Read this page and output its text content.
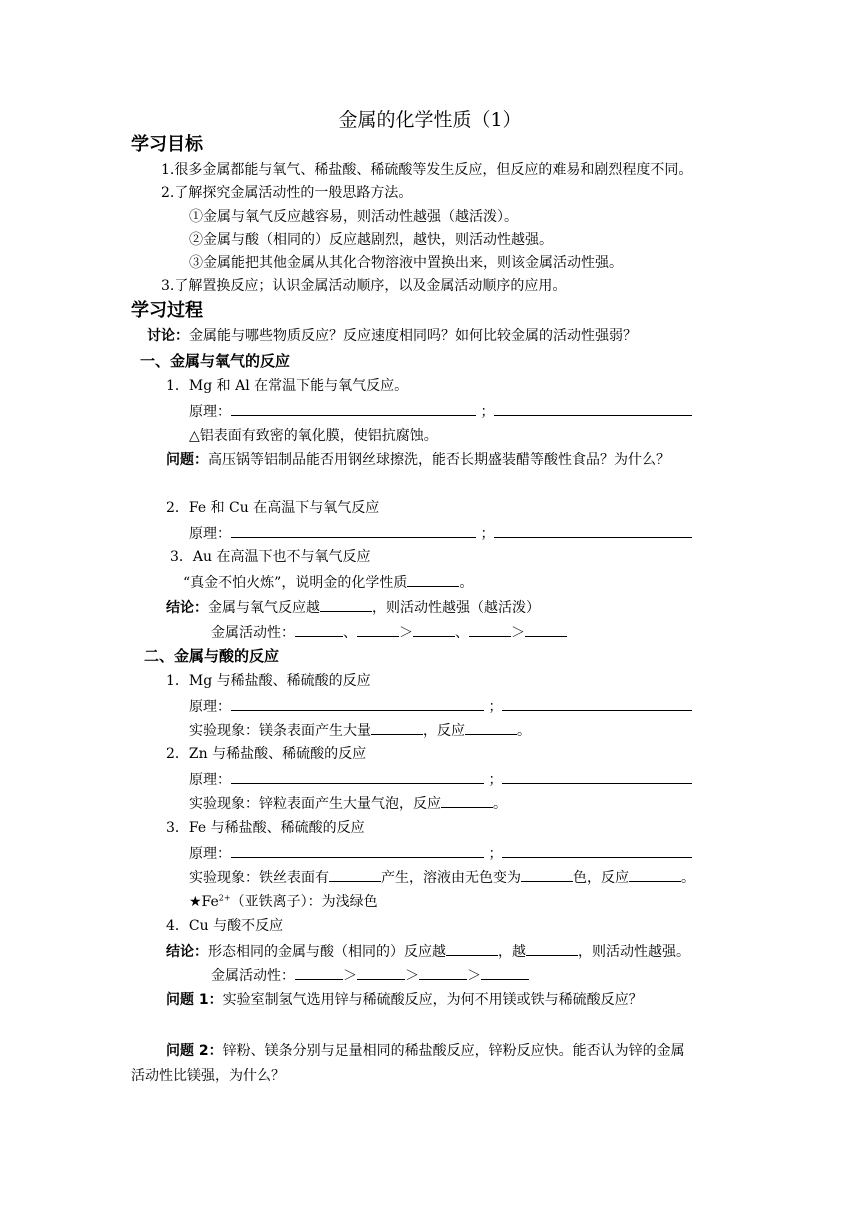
金属的化学性质（1）
学习目标
1.很多金属都能与氧气、稀盐酸、稀硫酸等发生反应，但反应的难易和剧烈程度不同。
2.了解探究金属活动性的一般思路方法。
①金属与氧气反应越容易，则活动性越强（越活泼）。
②金属与酸（相同的）反应越剧烈，越快，则活动性越强。
③金属能把其他金属从其化合物溶液中置换出来，则该金属活动性强。
3.了解置换反应；认识金属活动顺序，以及金属活动顺序的应用。
学习过程
讨论：金属能与哪些物质反应？反应速度相同吗？如何比较金属的活动性强弱？
一、金属与氧气的反应
1．Mg 和 Al 在常温下能与氧气反应。
原理：	；
△铝表面有致密的氧化膜，使铝抗腐蚀。
问题：高压锅等铝制品能否用钢丝球擦洗，能否长期盛装醋等酸性食品？为什么？
2．Fe 和 Cu 在高温下与氧气反应
原理：	；
3．Au 在高温下也不与氧气反应
“真金不怕火炼”，说明金的化学性质	。
结论：金属与氧气反应越	，则活动性越强（越活泼）
金属活动性：	、	＞	、	＞
二、金属与酸的反应
1．Mg 与稀盐酸、稀硫酸的反应
原理：	；
实验现象：镁条表面产生大量	，反应	。
2．Zn 与稀盐酸、稀硫酸的反应
原理：	；
实验现象：锌粒表面产生大量气泡，反应	。
3．Fe 与稀盐酸、稀硫酸的反应
原理：	；
实验现象：铁丝表面有	产生，溶液由无色变为	色，反应	。
$★Fe^{2+}$（亚铁离子）：为浅绿色
4．Cu 与酸不反应
结论：形态相同的金属与酸（相同的）反应越	，越	，则活动性越强。
金属活动性：	＞	＞	＞
问题 1：实验室制氢气选用锌与稀硫酸反应，为何不用镁或铁与稀硫酸反应？
问题 2：锌粉、镁条分别与足量相同的稀盐酸反应，锌粉反应快。能否认为锌的金属
活动性比镁强，为什么？
